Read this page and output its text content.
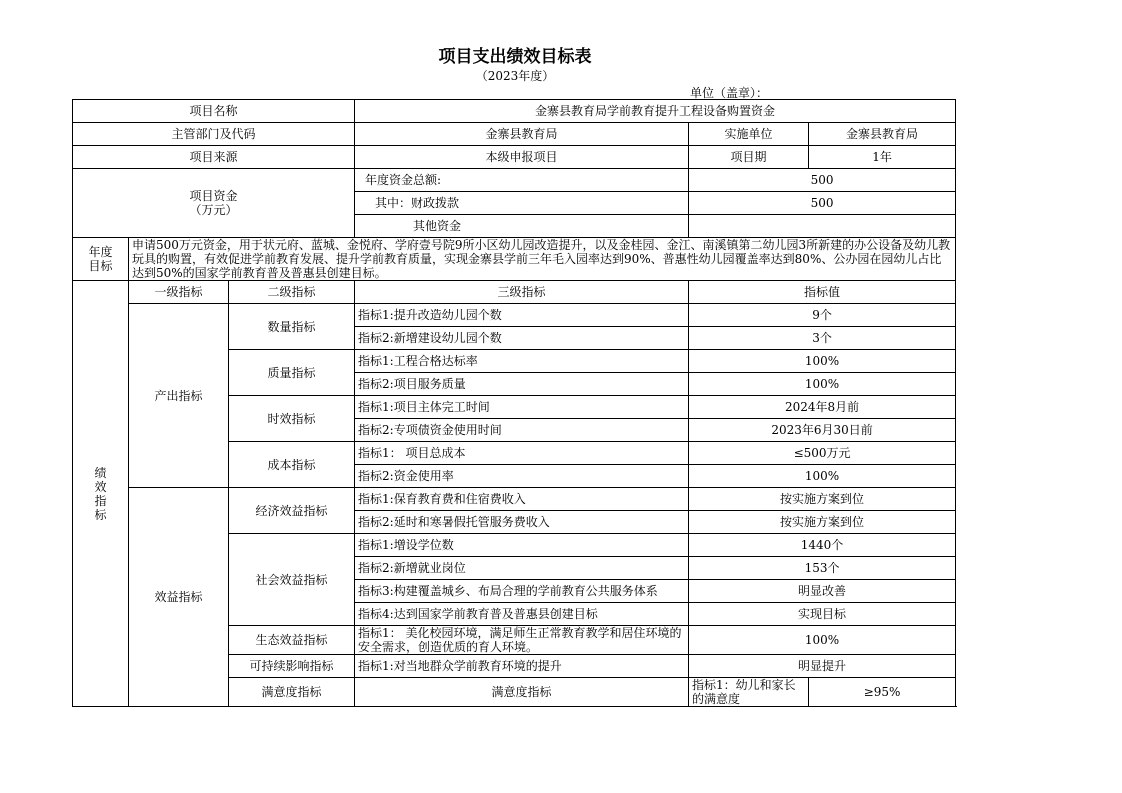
项目支出绩效目标表
（2023年度）
单位（盖章）：
项目名称			金寨县教育局学前教育提升工程设备购置资金		
主管部门及代码			金寨县教育局	实施单位	金寨县教育局
项目来源			本级申报项目	项目期	1年

项目资金
（万元）			年度资金总额:	500	
			其中：财政拨款	500	
			其他资金		

年度
目标	申请500万元资金，用于状元府、蓝城、金悦府、学府壹号院9所小区幼儿园改造提升，以及金桂园、金江、南溪镇第二幼儿园3所新建的办公设备及幼儿教玩具的购置，有效促进学前教育发展、提升学前教育质量，实现金寨县学前三年毛入园率达到90%、普惠性幼儿园覆盖率达到80%、公办园在园幼儿占比达到50%的国家学前教育普及普惠县创建目标。				

绩
效
指
标	一级指标	二级指标	三级指标	指标值	
	产出指标	数量指标	指标1:提升改造幼儿园个数	9个	
			指标2:新增建设幼儿园个数	3个	
		质量指标	指标1:工程合格达标率	100%	
			指标2:项目服务质量	100%	
		时效指标	指标1:项目主体完工时间	2024年8月前	
			指标2:专项债资金使用时间	2023年6月30日前	
		成本指标	指标1： 项目总成本	≤500万元	
			指标2:资金使用率	100%	
	效益指标	经济效益指标	指标1:保育教育费和住宿费收入	按实施方案到位	
			指标2:延时和寒暑假托管服务费收入	按实施方案到位	
		社会效益指标	指标1:增设学位数	1440个	
			指标2:新增就业岗位	153个	
			指标3:构建覆盖城乡、布局合理的学前教育公共服务体系	明显改善	
			指标4:达到国家学前教育普及普惠县创建目标	实现目标	
		生态效益指标	指标1： 美化校园环境，满足师生正常教育教学和居住环境的安全需求，创造优质的育人环境。	100%	
		可持续影响指标	指标1:对当地群众学前教育环境的提升	明显提升	
		满意度指标	满意度指标	指标1：幼儿和家长的满意度	≥95%
